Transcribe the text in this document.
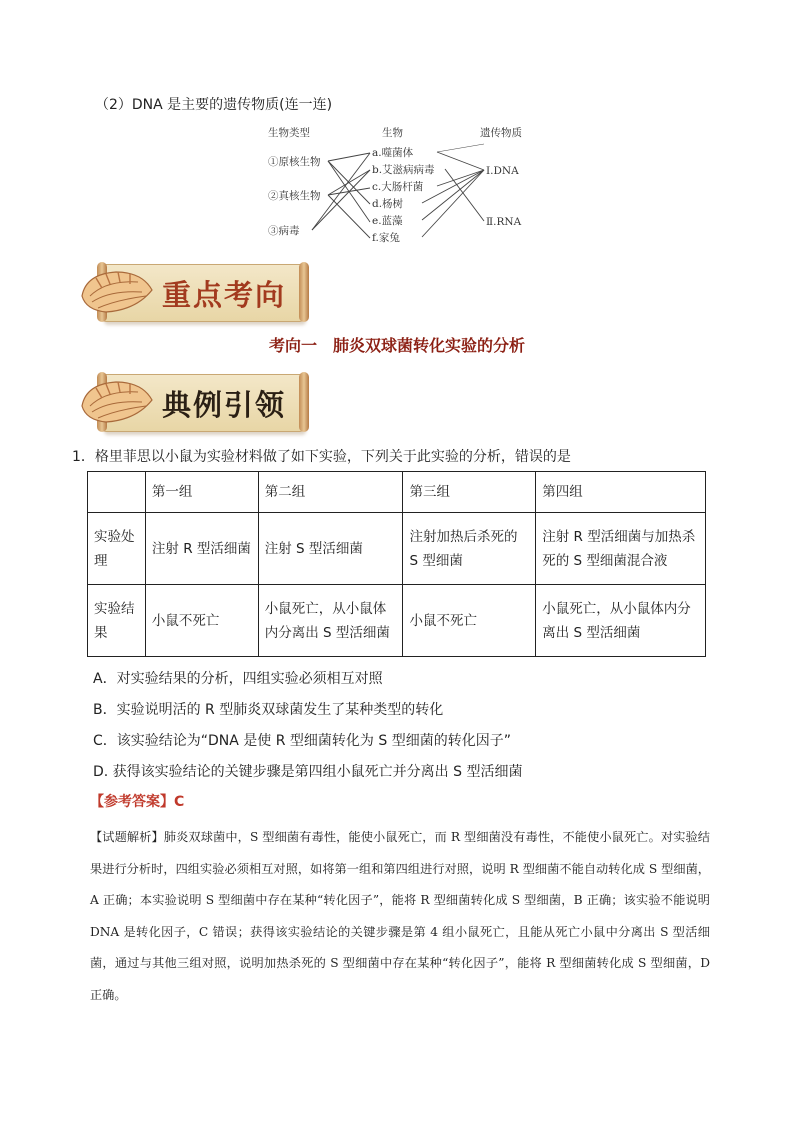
（2）DNA 是主要的遗传物质(连一连)
生物类型	生物	遗传物质
①原核生物
②真核生物
③病毒
a.噬菌体
b.艾滋病病毒
c.大肠杆菌
d.杨树
e.蓝藻
f.家兔
Ⅰ.DNA
Ⅱ.RNA
重点考向
考向一　肺炎双球菌转化实验的分析
典例引领
1．格里菲思以小鼠为实验材料做了如下实验，下列关于此实验的分析，错误的是
	第一组	第二组	第三组	第四组
实验处理	注射 R 型活细菌	注射 S 型活细菌	注射加热后杀死的 S 型细菌	注射 R 型活细菌与加热杀死的 S 型细菌混合液
实验结果	小鼠不死亡	小鼠死亡，从小鼠体内分离出 S 型活细菌	小鼠不死亡	小鼠死亡，从小鼠体内分离出 S 型活细菌
A．对实验结果的分析，四组实验必须相互对照
B．实验说明活的 R 型肺炎双球菌发生了某种类型的转化
C．该实验结论为“DNA 是使 R 型细菌转化为 S 型细菌的转化因子”
D. 获得该实验结论的关键步骤是第四组小鼠死亡并分离出 S 型活细菌
【参考答案】C
【试题解析】肺炎双球菌中，S 型细菌有毒性，能使小鼠死亡，而 R 型细菌没有毒性，不能使小鼠死亡。对实验结果进行分析时，四组实验必须相互对照，如将第一组和第四组进行对照，说明 R 型细菌不能自动转化成 S 型细菌，A 正确；本实验说明 S 型细菌中存在某种“转化因子”，能将 R 型细菌转化成 S 型细菌，B 正确；该实验不能说明 DNA 是转化因子，C 错误；获得该实验结论的关键步骤是第 4 组小鼠死亡，且能从死亡小鼠中分离出 S 型活细菌，通过与其他三组对照，说明加热杀死的 S 型细菌中存在某种“转化因子”，能将 R 型细菌转化成 S 型细菌，D 正确。
